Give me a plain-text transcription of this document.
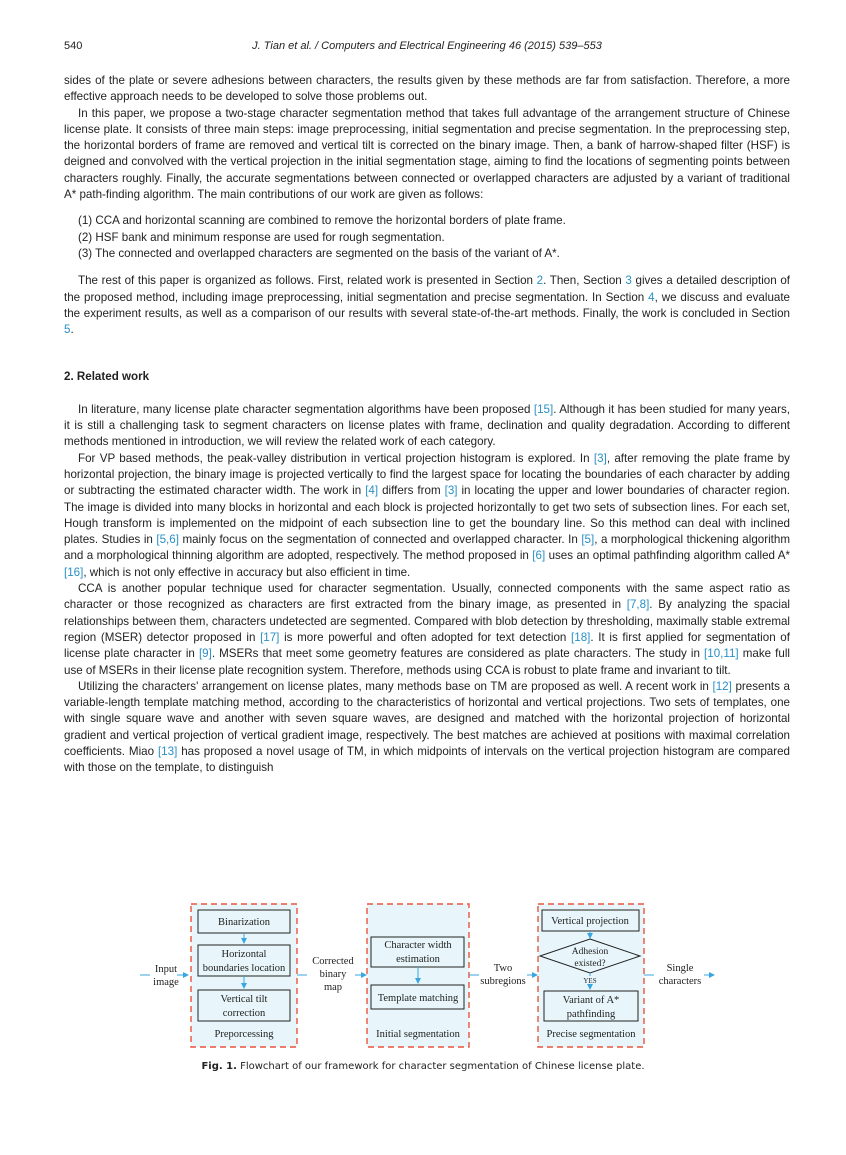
540	J. Tian et al. / Computers and Electrical Engineering 46 (2015) 539–553

sides of the plate or severe adhesions between characters, the results given by these methods are far from satisfaction. Therefore, a more effective approach needs to be developed to solve those problems out.

In this paper, we propose a two-stage character segmentation method that takes full advantage of the arrangement structure of Chinese license plate. It consists of three main steps: image preprocessing, initial segmentation and precise segmentation. In the preprocessing step, the horizontal borders of frame are removed and vertical tilt is corrected on the binary image. Then, a bank of harrow-shaped filter (HSF) is deigned and convolved with the vertical projection in the initial segmentation stage, aiming to find the locations of segmenting points between characters roughly. Finally, the accurate segmentations between connected or overlapped characters are adjusted by a variant of traditional A* path-finding algorithm. The main contributions of our work are given as follows:

(1) CCA and horizontal scanning are combined to remove the horizontal borders of plate frame.
(2) HSF bank and minimum response are used for rough segmentation.
(3) The connected and overlapped characters are segmented on the basis of the variant of A*.

The rest of this paper is organized as follows. First, related work is presented in Section 2. Then, Section 3 gives a detailed description of the proposed method, including image preprocessing, initial segmentation and precise segmentation. In Section 4, we discuss and evaluate the experiment results, as well as a comparison of our results with several state-of-the-art methods. Finally, the work is concluded in Section 5.

2. Related work

In literature, many license plate character segmentation algorithms have been proposed [15]. Although it has been studied for many years, it is still a challenging task to segment characters on license plates with frame, declination and quality degradation. According to different methods mentioned in introduction, we will review the related work of each category.

For VP based methods, the peak-valley distribution in vertical projection histogram is explored. In [3], after removing the plate frame by horizontal projection, the binary image is projected vertically to find the largest space for locating the boundaries of each character by adding or subtracting the estimated character width. The work in [4] differs from [3] in locating the upper and lower boundaries of character region. The image is divided into many blocks in horizontal and each block is projected horizontally to get two sets of subsection lines. For each set, Hough transform is implemented on the midpoint of each subsection line to get the boundary line. So this method can deal with inclined plates. Studies in [5,6] mainly focus on the segmentation of connected and overlapped character. In [5], a morphological thickening algorithm and a morphological thinning algorithm are adopted, respectively. The method proposed in [6] uses an optimal pathfinding algorithm called A* [16], which is not only effective in accuracy but also efficient in time.

CCA is another popular technique used for character segmentation. Usually, connected components with the same aspect ratio as character or those recognized as characters are first extracted from the binary image, as presented in [7,8]. By analyzing the spacial relationships between them, characters undetected are segmented. Compared with blob detection by thresholding, maximally stable extremal region (MSER) detector proposed in [17] is more powerful and often adopted for text detection [18]. It is first applied for segmentation of license plate character in [9]. MSERs that meet some geometry features are considered as plate characters. The study in [10,11] make full use of MSERs in their license plate recognition system. Therefore, methods using CCA is robust to plate frame and invariant to tilt.

Utilizing the characters' arrangement on license plates, many methods base on TM are proposed as well. A recent work in [12] presents a variable-length template matching method, according to the characteristics of horizontal and vertical projections. Two sets of templates, one with single square wave and another with seven square waves, are designed and matched with the horizontal projection of horizontal gradient and vertical projection of vertical gradient image, respectively. The best matches are achieved at positions with maximal correlation coefficients. Miao [13] has proposed a novel usage of TM, in which midpoints of intervals on the vertical projection histogram are compared with those on the template, to distinguish

Input
image
Binarization
Horizontal
boundaries location
Vertical tilt
correction
Preporcessing
Corrected
binary
map
Character width
estimation
Template matching
Initial segmentation
Two
subregions
Vertical projection
Adhesion
existed?
YES
Variant of A*
pathfinding
Precise segmentation
Single
characters
Fig. 1. Flowchart of our framework for character segmentation of Chinese license plate.
